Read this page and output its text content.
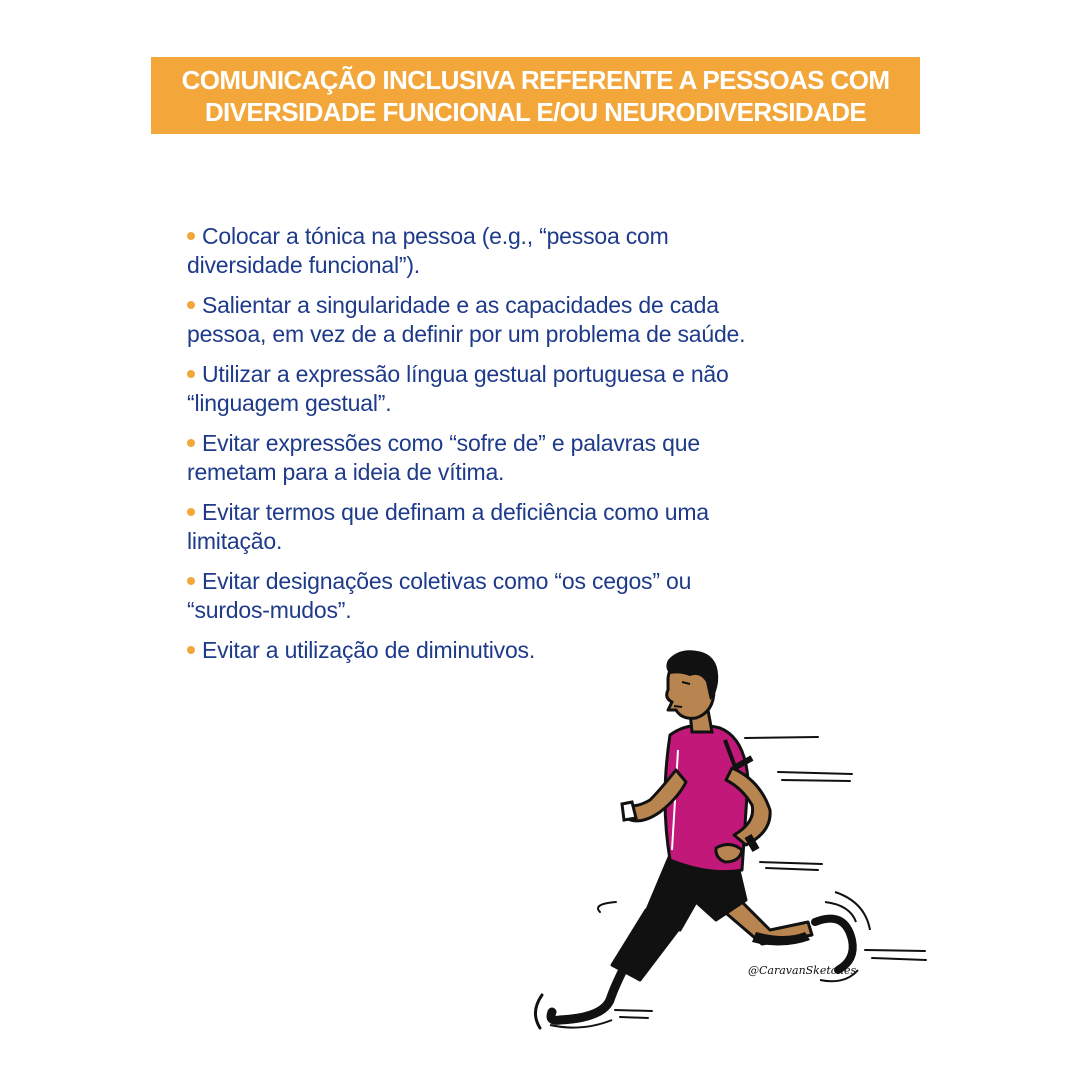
COMUNICAÇÃO INCLUSIVA REFERENTE A PESSOAS COM
DIVERSIDADE FUNCIONAL E/OU NEURODIVERSIDADE
Colocar a tónica na pessoa (e.g., “pessoa com
diversidade funcional”).
Salientar a singularidade e as capacidades de cada
pessoa, em vez de a definir por um problema de saúde.
Utilizar a expressão língua gestual portuguesa e não
“linguagem gestual”.
Evitar expressões como “sofre de” e palavras que
remetam para a ideia de vítima.
Evitar termos que definam a deficiência como uma
limitação.
Evitar designações coletivas como “os cegos” ou
“surdos-mudos”.
Evitar a utilização de diminutivos.
@CaravanSketches
